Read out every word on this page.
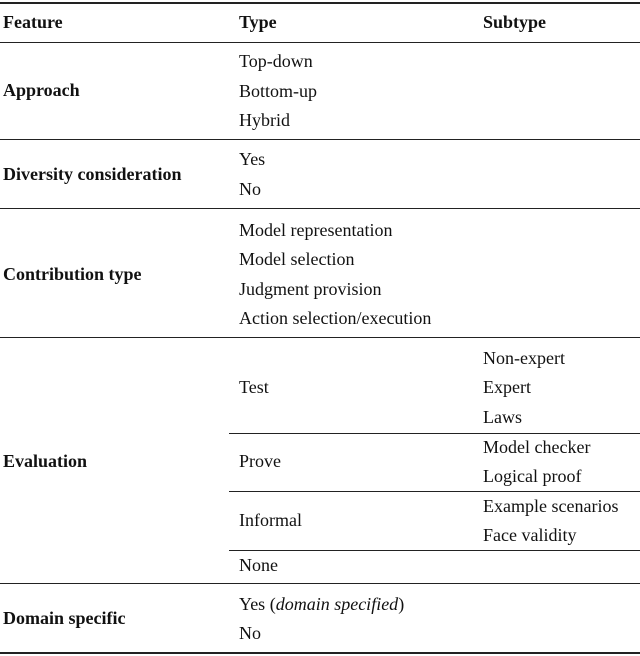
Feature	Type	Subtype
Approach
Top-down
Bottom-up
Hybrid
Diversity consideration
Yes
No
Contribution type
Model representation
Model selection
Judgment provision
Action selection/execution
Evaluation
Test
Non-expert
Expert
Laws
Prove
Model checker
Logical proof
Informal
Example scenarios
Face validity
None
Domain specific
Yes (domain specified)
No
